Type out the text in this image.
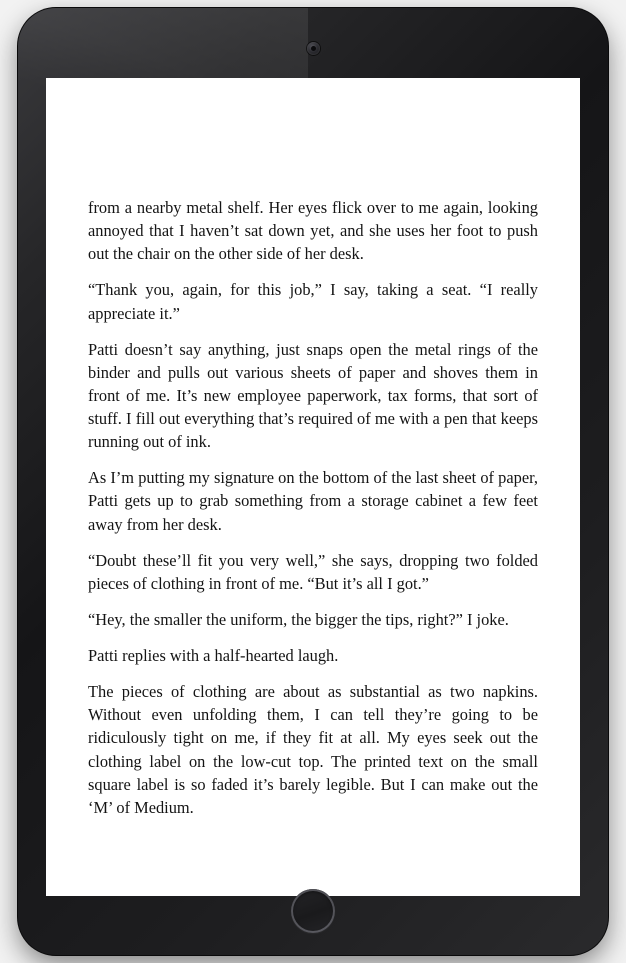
from a nearby metal shelf. Her eyes flick over to me again, looking annoyed that I haven’t sat down yet, and she uses her foot to push out the chair on the other side of her desk.

“Thank you, again, for this job,” I say, taking a seat. “I really appreciate it.”

Patti doesn’t say anything, just snaps open the metal rings of the binder and pulls out various sheets of paper and shoves them in front of me. It’s new employee paperwork, tax forms, that sort of stuff. I fill out everything that’s required of me with a pen that keeps running out of ink.

As I’m putting my signature on the bottom of the last sheet of paper, Patti gets up to grab something from a storage cabinet a few feet away from her desk.

“Doubt these’ll fit you very well,” she says, dropping two folded pieces of clothing in front of me. “But it’s all I got.”

“Hey, the smaller the uniform, the bigger the tips, right?” I joke.

Patti replies with a half-hearted laugh.

The pieces of clothing are about as substantial as two napkins. Without even unfolding them, I can tell they’re going to be ridiculously tight on me, if they fit at all. My eyes seek out the clothing label on the low-cut top. The printed text on the small square label is so faded it’s barely legible. But I can make out the ‘M’ of Medium.
